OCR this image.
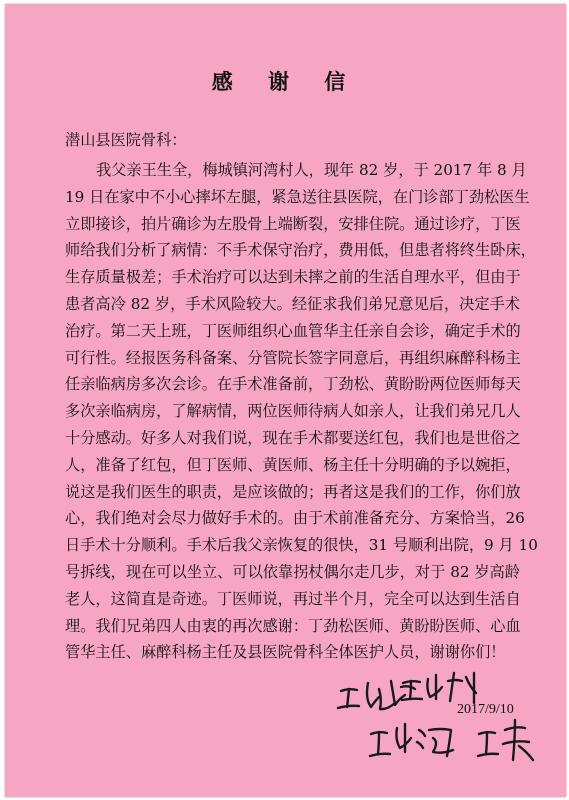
感 谢 信
潜山县医院骨科：
我父亲王生全，梅城镇河湾村人，现年 82 岁，于 2017 年 8 月
19 日在家中不小心摔坏左腿，紧急送往县医院，在门诊部丁劲松医生
立即接诊，拍片确诊为左股骨上端断裂，安排住院。通过诊疗，丁医
师给我们分析了病情：不手术保守治疗，费用低，但患者将终生卧床，
生存质量极差；手术治疗可以达到未摔之前的生活自理水平，但由于
患者高冷 82 岁，手术风险较大。经征求我们弟兄意见后，决定手术
治疗。第二天上班，丁医师组织心血管华主任亲自会诊，确定手术的
可行性。经报医务科备案、分管院长签字同意后，再组织麻醉科杨主
任亲临病房多次会诊。在手术准备前，丁劲松、黄盼盼两位医师每天
多次亲临病房，了解病情，两位医师待病人如亲人，让我们弟兄几人
十分感动。好多人对我们说，现在手术都要送红包，我们也是世俗之
人，准备了红包，但丁医师、黄医师、杨主任十分明确的予以婉拒，
说这是我们医生的职责，是应该做的；再者这是我们的工作，你们放
心，我们绝对会尽力做好手术的。由于术前准备充分、方案恰当，26
日手术十分顺利。手术后我父亲恢复的很快，31 号顺利出院，9 月 10
号拆线，现在可以坐立、可以依靠拐杖偶尔走几步，对于 82 岁高龄
老人，这简直是奇迹。丁医师说，再过半个月，完全可以达到生活自
理。我们兄弟四人由衷的再次感谢：丁劲松医师、黄盼盼医师、心血
管华主任、麻醉科杨主任及县医院骨科全体医护人员，谢谢你们！
2017/9/10
